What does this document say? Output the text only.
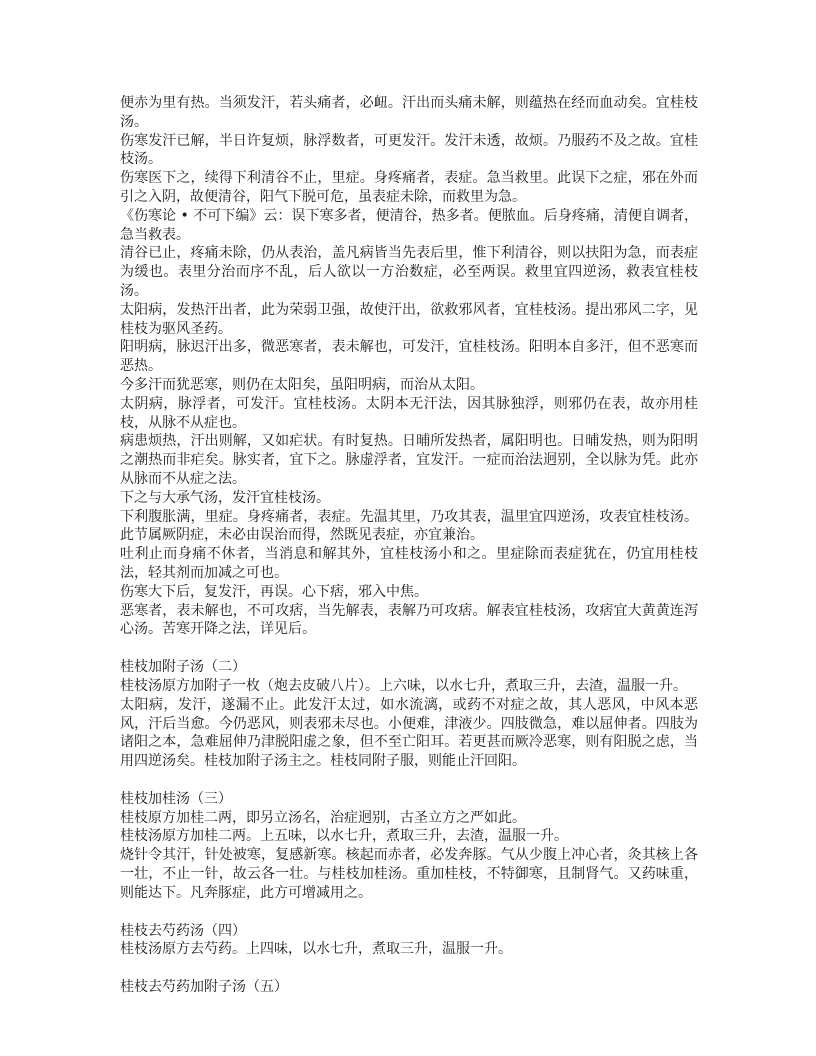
便赤为里有热。当须发汗，若头痛者，必衄。汗出而头痛未解，则蕴热在经而血动矣。宜桂枝汤。

伤寒发汗已解，半日许复烦，脉浮数者，可更发汗。发汗未透，故烦。乃服药不及之故。宜桂枝汤。

伤寒医下之，续得下利清谷不止，里症。身疼痛者，表症。急当救里。此误下之症，邪在外而引之入阴，故便清谷，阳气下脱可危，虽表症未除，而救里为急。

《伤寒论 • 不可下编》云：误下寒多者，便清谷，热多者。便脓血。后身疼痛，清便自调者，急当救表。

清谷已止，疼痛未除，仍从表治，盖凡病皆当先表后里，惟下利清谷，则以扶阳为急，而表症为缓也。表里分治而序不乱，后人欲以一方治数症，必至两误。救里宜四逆汤，救表宜桂枝汤。

太阳病，发热汗出者，此为荣弱卫强，故使汗出，欲救邪风者，宜桂枝汤。提出邪风二字，见桂枝为驱风圣药。

阳明病，脉迟汗出多，微恶寒者，表未解也，可发汗，宜桂枝汤。阳明本自多汗，但不恶寒而恶热。

今多汗而犹恶寒，则仍在太阳矣，虽阳明病，而治从太阳。

太阴病，脉浮者，可发汗。宜桂枝汤。太阴本无汗法，因其脉独浮，则邪仍在表，故亦用桂枝，从脉不从症也。

病患烦热，汗出则解，又如疟状。有时复热。日晡所发热者，属阳明也。日晡发热，则为阳明之潮热而非疟矣。脉实者，宜下之。脉虚浮者，宜发汗。一症而治法迥别，全以脉为凭。此亦从脉而不从症之法。

下之与大承气汤，发汗宜桂枝汤。

下利腹胀满，里症。身疼痛者，表症。先温其里，乃攻其表，温里宜四逆汤，攻表宜桂枝汤。此节属厥阴症，未必由误治而得，然既见表症，亦宜兼治。

吐利止而身痛不休者，当消息和解其外，宜桂枝汤小和之。里症除而表症犹在，仍宜用桂枝法，轻其剂而加减之可也。

伤寒大下后，复发汗，再误。心下痞，邪入中焦。

恶寒者，表未解也，不可攻痞，当先解表，表解乃可攻痞。解表宜桂枝汤，攻痞宜大黄黄连泻心汤。苦寒开降之法，详见后。

桂枝加附子汤（二）

桂枝汤原方加附子一枚（炮去皮破八片）。上六味，以水七升，煮取三升，去渣，温服一升。

太阳病，发汗，遂漏不止。此发汗太过，如水流漓，或药不对症之故，其人恶风，中风本恶风，汗后当愈。今仍恶风，则表邪未尽也。小便难，津液少。四肢微急，难以屈伸者。四肢为诸阳之本，急难屈伸乃津脱阳虚之象，但不至亡阳耳。若更甚而厥冷恶寒，则有阳脱之虑，当用四逆汤矣。桂枝加附子汤主之。桂枝同附子服，则能止汗回阳。

桂枝加桂汤（三）

桂枝原方加桂二两，即另立汤名，治症迥别，古圣立方之严如此。

桂枝汤原方加桂二两。上五味，以水七升，煮取三升，去渣，温服一升。

烧针令其汗，针处被寒，复感新寒。核起而赤者，必发奔豚。气从少腹上冲心者，灸其核上各一壮，不止一针，故云各一壮。与桂枝加桂汤。重加桂枝，不特御寒，且制肾气。又药味重，则能达下。凡奔豚症，此方可增减用之。

桂枝去芍药汤（四）

桂枝汤原方去芍药。上四味，以水七升，煮取三升，温服一升。

桂枝去芍药加附子汤（五）
